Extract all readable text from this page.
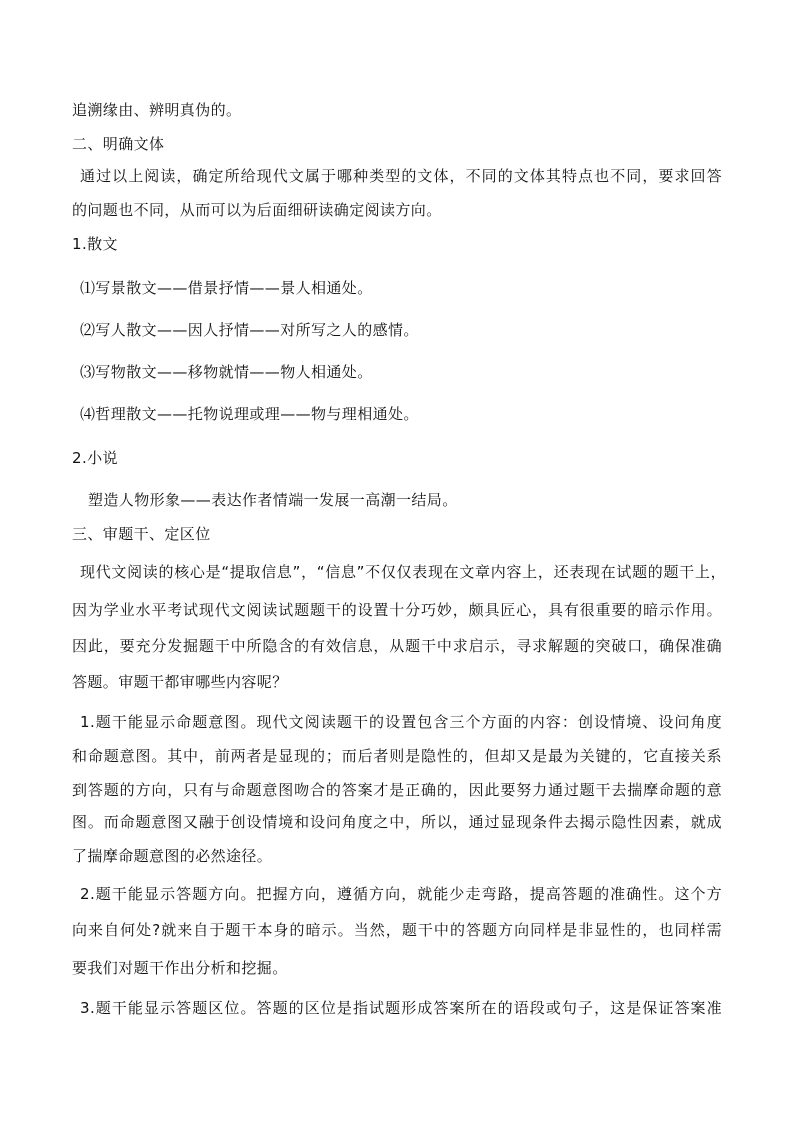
追溯缘由、辨明真伪的。
二、明确文体
通过以上阅读，确定所给现代文属于哪种类型的文体，不同的文体其特点也不同，要求回答
的问题也不同，从而可以为后面细研读确定阅读方向。
1.散文
⑴写景散文——借景抒情——景人相通处。
⑵写人散文——因人抒情——对所写之人的感情。
⑶写物散文——移物就情——物人相通处。
⑷哲理散文——托物说理或理——物与理相通处。
2.小说
塑造人物形象——表达作者情端一发展一高潮一结局。
三、审题干、定区位
现代文阅读的核心是“提取信息”，“信息”不仅仅表现在文章内容上，还表现在试题的题干上，
因为学业水平考试现代文阅读试题题干的设置十分巧妙，颇具匠心，具有很重要的暗示作用。
因此，要充分发掘题干中所隐含的有效信息，从题干中求启示，寻求解题的突破口，确保准确
答题。审题干都审哪些内容呢？
1.题干能显示命题意图。现代文阅读题干的设置包含三个方面的内容：创设情境、设问角度
和命题意图。其中，前两者是显现的；而后者则是隐性的，但却又是最为关键的，它直接关系
到答题的方向，只有与命题意图吻合的答案才是正确的，因此要努力通过题干去揣摩命题的意
图。而命题意图又融于创设情境和设问角度之中，所以，通过显现条件去揭示隐性因素，就成
了揣摩命题意图的必然途径。
2.题干能显示答题方向。把握方向，遵循方向，就能少走弯路，提高答题的准确性。这个方
向来自何处?就来自于题干本身的暗示。当然，题干中的答题方向同样是非显性的，也同样需
要我们对题干作出分析和挖掘。
3.题干能显示答题区位。答题的区位是指试题形成答案所在的语段或句子，这是保证答案准
